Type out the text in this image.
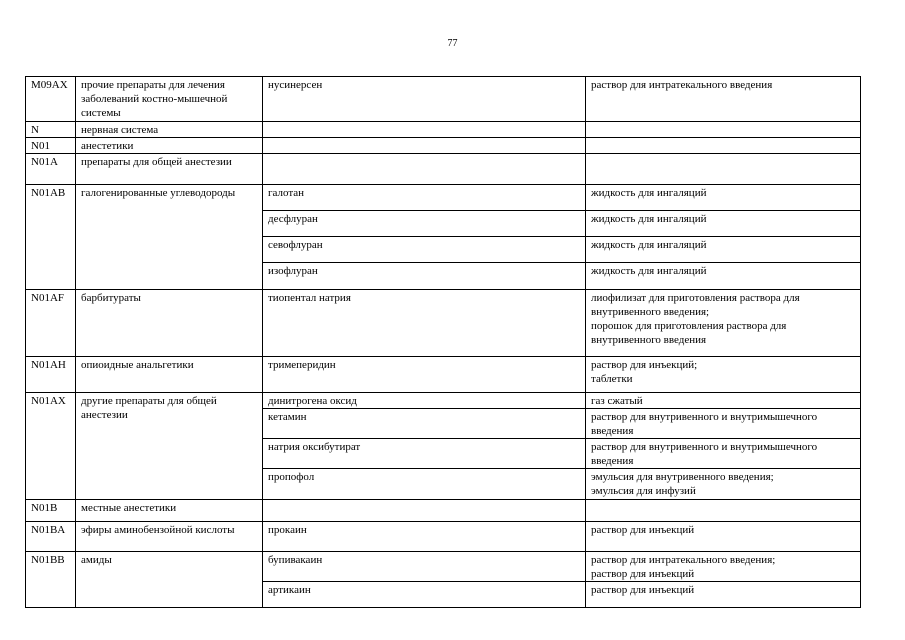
77
M09AX	прочие препараты для лечения заболеваний костно-мышечной системы	нусинерсен	раствор для интратекального введения
N	нервная система		
N01	анестетики		
N01A	препараты для общей анестезии		
N01AB	галогенированные углеводороды	галотан	жидкость для ингаляций
		десфлуран	жидкость для ингаляций
		севофлуран	жидкость для ингаляций
		изофлуран	жидкость для ингаляций
N01AF	барбитураты	тиопентал натрия	лиофилизат для приготовления раствора для внутривенного введения;
порошок для приготовления раствора для внутривенного введения
N01AH	опиоидные анальгетики	тримеперидин	раствор для инъекций;
таблетки
N01AX	другие препараты для общей анестезии	динитрогена оксид	газ сжатый
		кетамин	раствор для внутривенного и внутримышечного введения
		натрия оксибутират	раствор для внутривенного и внутримышечного введения
		пропофол	эмульсия для внутривенного введения;
эмульсия для инфузий
N01B	местные анестетики		
N01BA	эфиры аминобензойной кислоты	прокаин	раствор для инъекций
N01BB	амиды	бупивакаин	раствор для интратекального введения;
раствор для инъекций
		артикаин	раствор для инъекций
